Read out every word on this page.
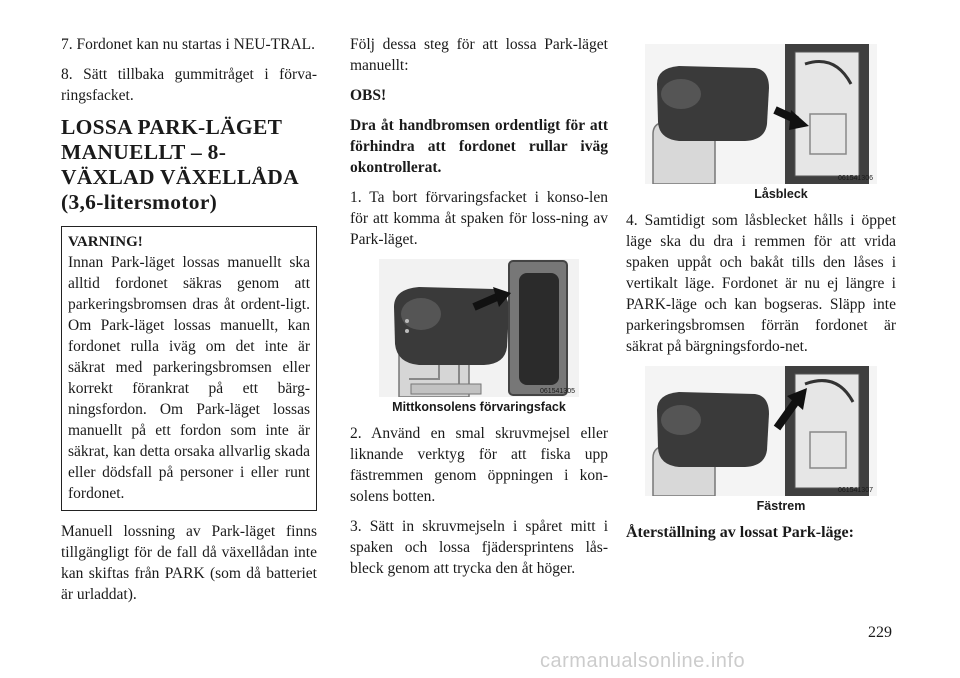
7. Fordonet kan nu startas i NEU-TRAL.

8. Sätt tillbaka gummitråget i förva-ringsfacket.

LOSSA PARK-LÄGET MANUELLT – 8-VÄXLAD VÄXELLÅDA (3,6-litersmotor)
VARNING!

Innan Park-läget lossas manuellt ska alltid fordonet säkras genom att parkeringsbromsen dras åt ordent-ligt. Om Park-läget lossas manuellt, kan fordonet rulla iväg om det inte är säkrat med parkeringsbromsen eller korrekt förankrat på ett bärg-ningsfordon. Om Park-läget lossas manuellt på ett fordon som inte är säkrat, kan detta orsaka allvarlig skada eller dödsfall på personer i eller runt fordonet.

Manuell lossning av Park-läget finns tillgängligt för de fall då växellådan inte kan skiftas från PARK (som då batteriet är urladdat).

Följ dessa steg för att lossa Park-läget manuellt:

OBS!

Dra åt handbromsen ordentligt för att förhindra att fordonet rullar iväg okontrollerat.

1. Ta bort förvaringsfacket i konso-len för att komma åt spaken för loss-ning av Park-läget.

061541305
Mittkonsolens förvaringsfack

2. Använd en smal skruvmejsel eller liknande verktyg för att fiska upp fästremmen genom öppningen i kon-solens botten.

3. Sätt in skruvmejseln i spåret mitt i spaken och lossa fjädersprintens lås-bleck genom att trycka den åt höger.

061541306
Låsbleck

4. Samtidigt som låsblecket hålls i öppet läge ska du dra i remmen för att vrida spaken uppåt och bakåt tills den låses i vertikalt läge. Fordonet är nu ej längre i PARK-läge och kan bogseras. Släpp inte parkeringsbromsen förrän fordonet är säkrat på bärgningsfordo-net.

061541307
Fästrem
Återställning av lossat Park-läge:
229
carmanualsonline.info
